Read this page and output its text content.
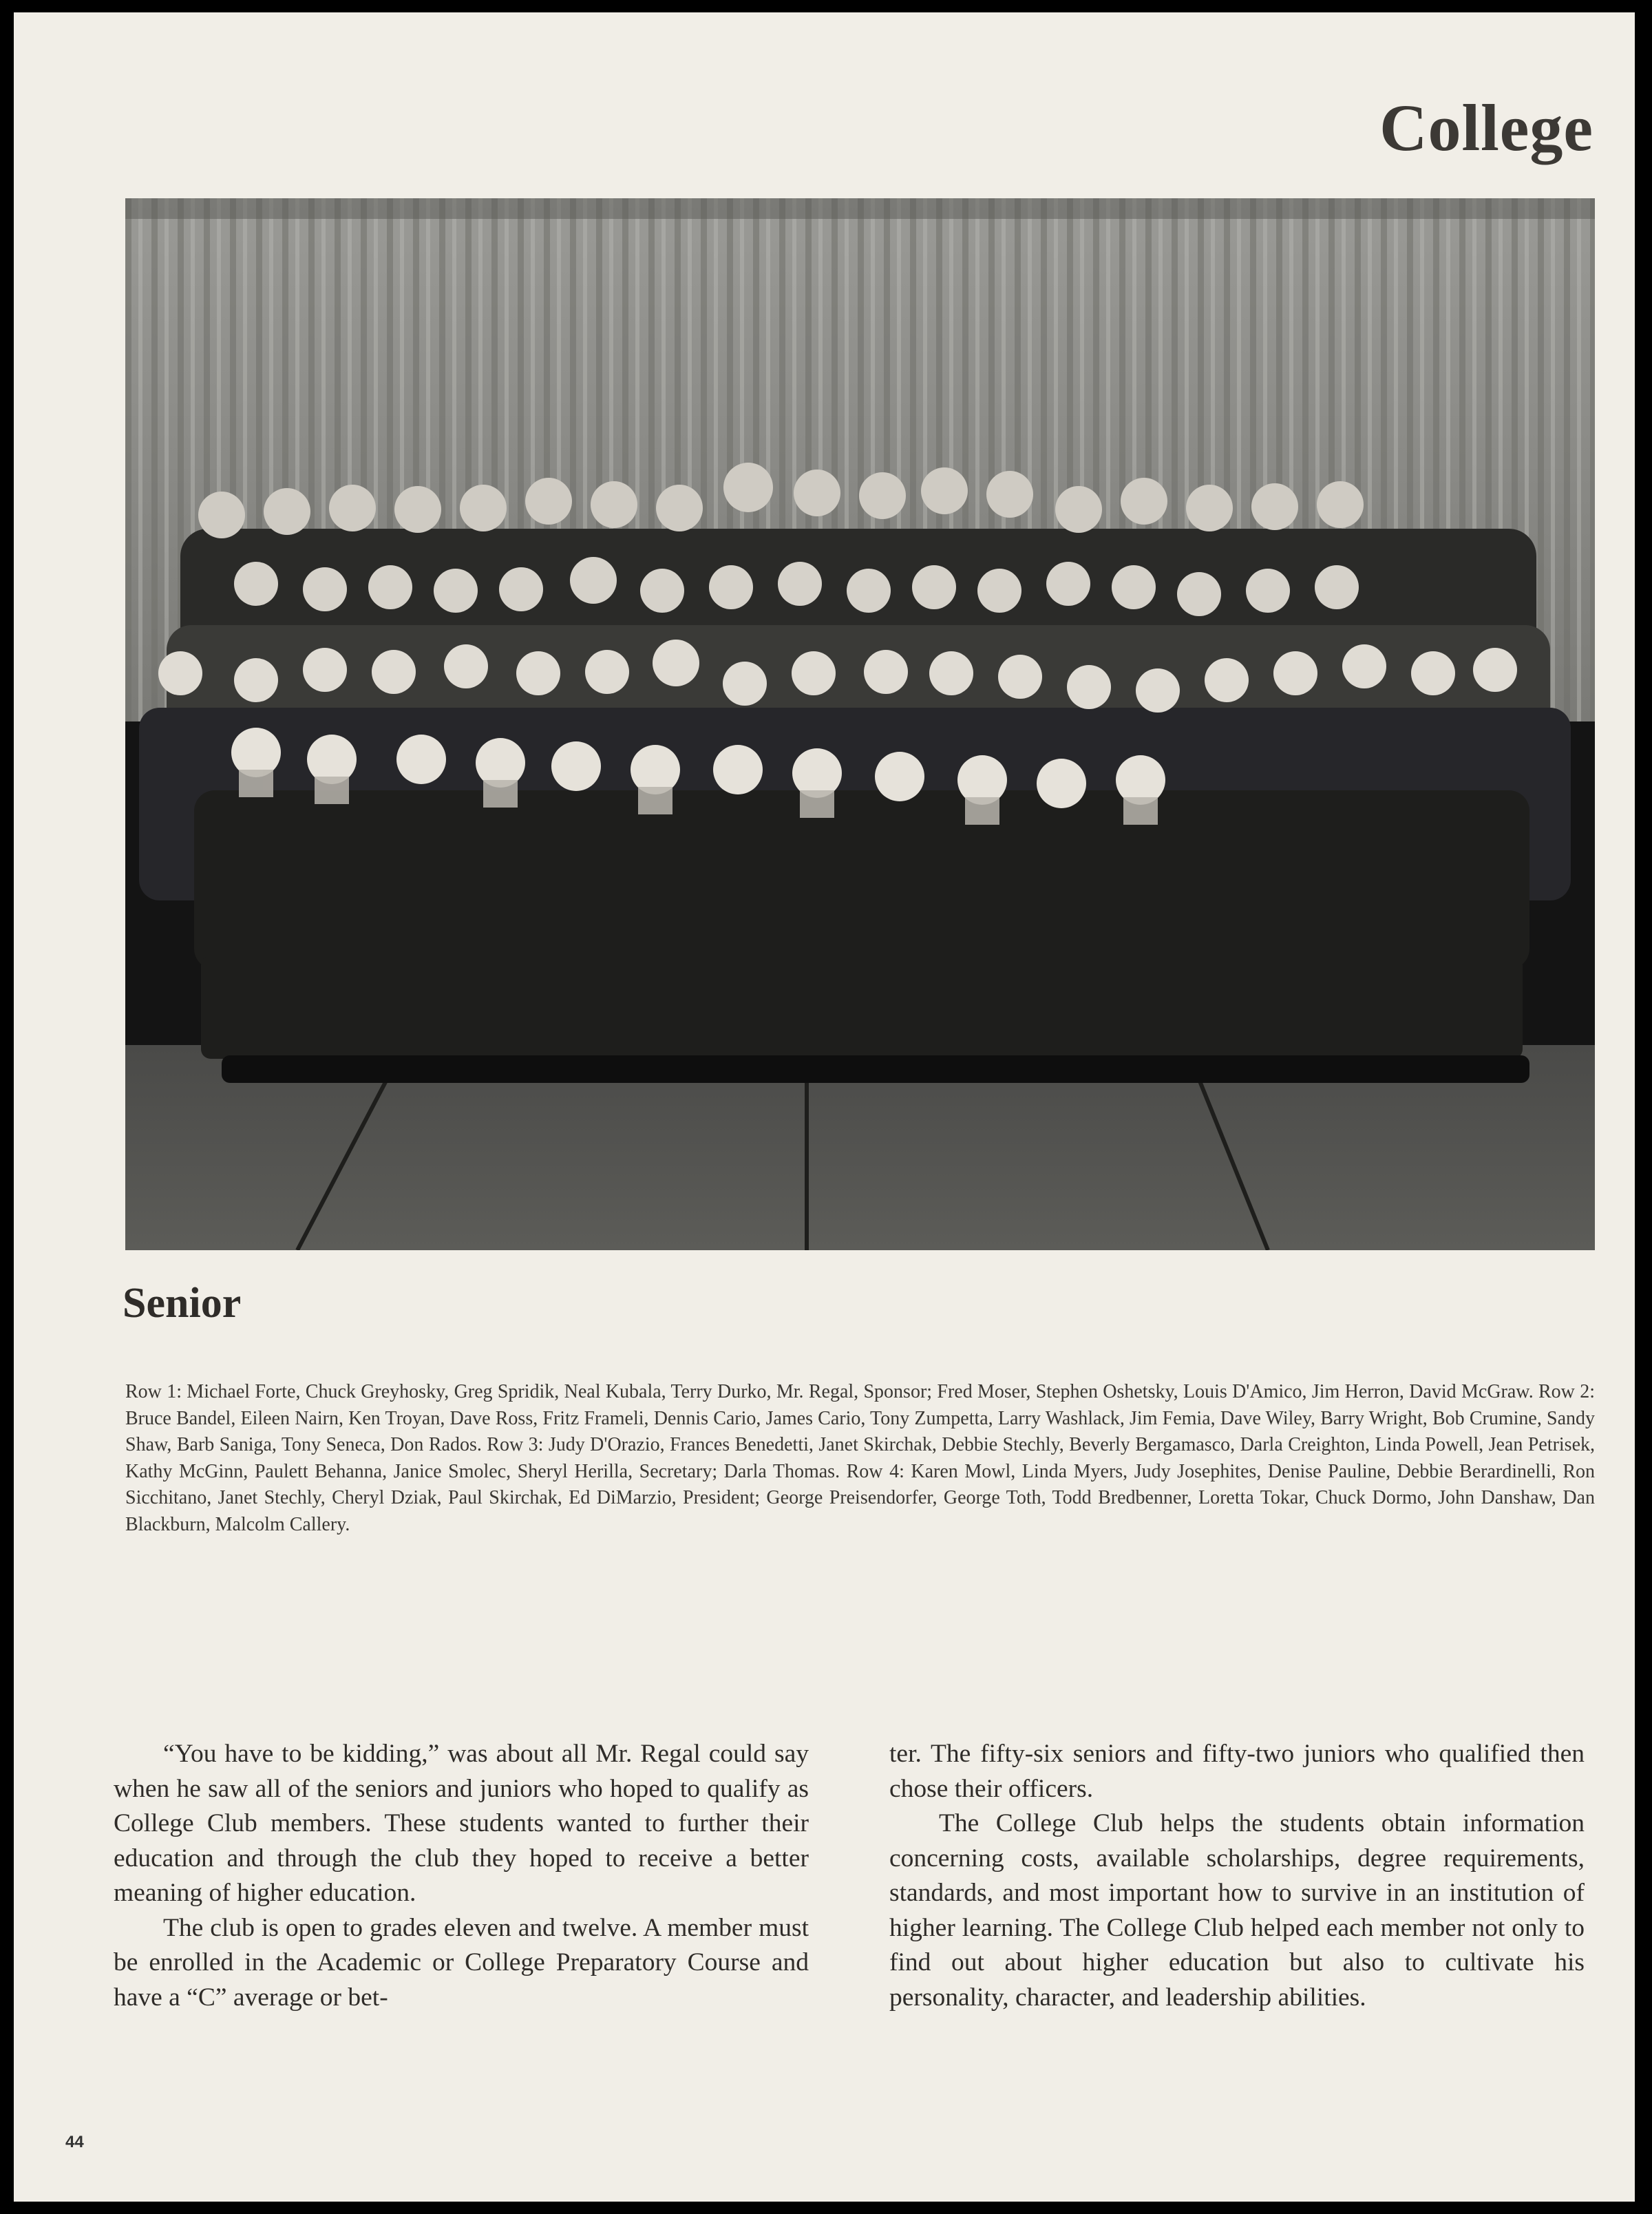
College
Senior

Row 1: Michael Forte, Chuck Greyhosky, Greg Spridik, Neal Kubala, Terry Durko, Mr. Regal, Sponsor; Fred Moser, Stephen Oshetsky, Louis D'Amico, Jim Herron, David McGraw. Row 2: Bruce Bandel, Eileen Nairn, Ken Troyan, Dave Ross, Fritz Frameli, Dennis Cario, James Cario, Tony Zumpetta, Larry Washlack, Jim Femia, Dave Wiley, Barry Wright, Bob Crumine, Sandy Shaw, Barb Saniga, Tony Seneca, Don Rados. Row 3: Judy D'Orazio, Frances Benedetti, Janet Skirchak, Debbie Stechly, Beverly Bergamasco, Darla Creighton, Linda Powell, Jean Petrisek, Kathy McGinn, Paulett Behanna, Janice Smolec, Sheryl Herilla, Secretary; Darla Thomas. Row 4: Karen Mowl, Linda Myers, Judy Josephites, Denise Pauline, Debbie Berardinelli, Ron Sicchitano, Janet Stechly, Cheryl Dziak, Paul Skirchak, Ed DiMarzio, President; George Preisendorfer, George Toth, Todd Bredbenner, Loretta Tokar, Chuck Dormo, John Danshaw, Dan Blackburn, Malcolm Callery.

“You have to be kidding,” was about all Mr. Regal could say when he saw all of the seniors and juniors who hoped to qualify as College Club members. These students wanted to further their education and through the club they hoped to receive a better meaning of higher education.

The club is open to grades eleven and twelve. A member must be enrolled in the Academic or College Preparatory Course and have a “C” average or bet-

ter. The fifty-six seniors and fifty-two juniors who qualified then chose their officers.

The College Club helps the students obtain information concerning costs, available scholarships, degree requirements, standards, and most important how to survive in an institution of higher learning. The College Club helped each member not only to find out about higher education but also to cultivate his personality, character, and leadership abilities.

44
